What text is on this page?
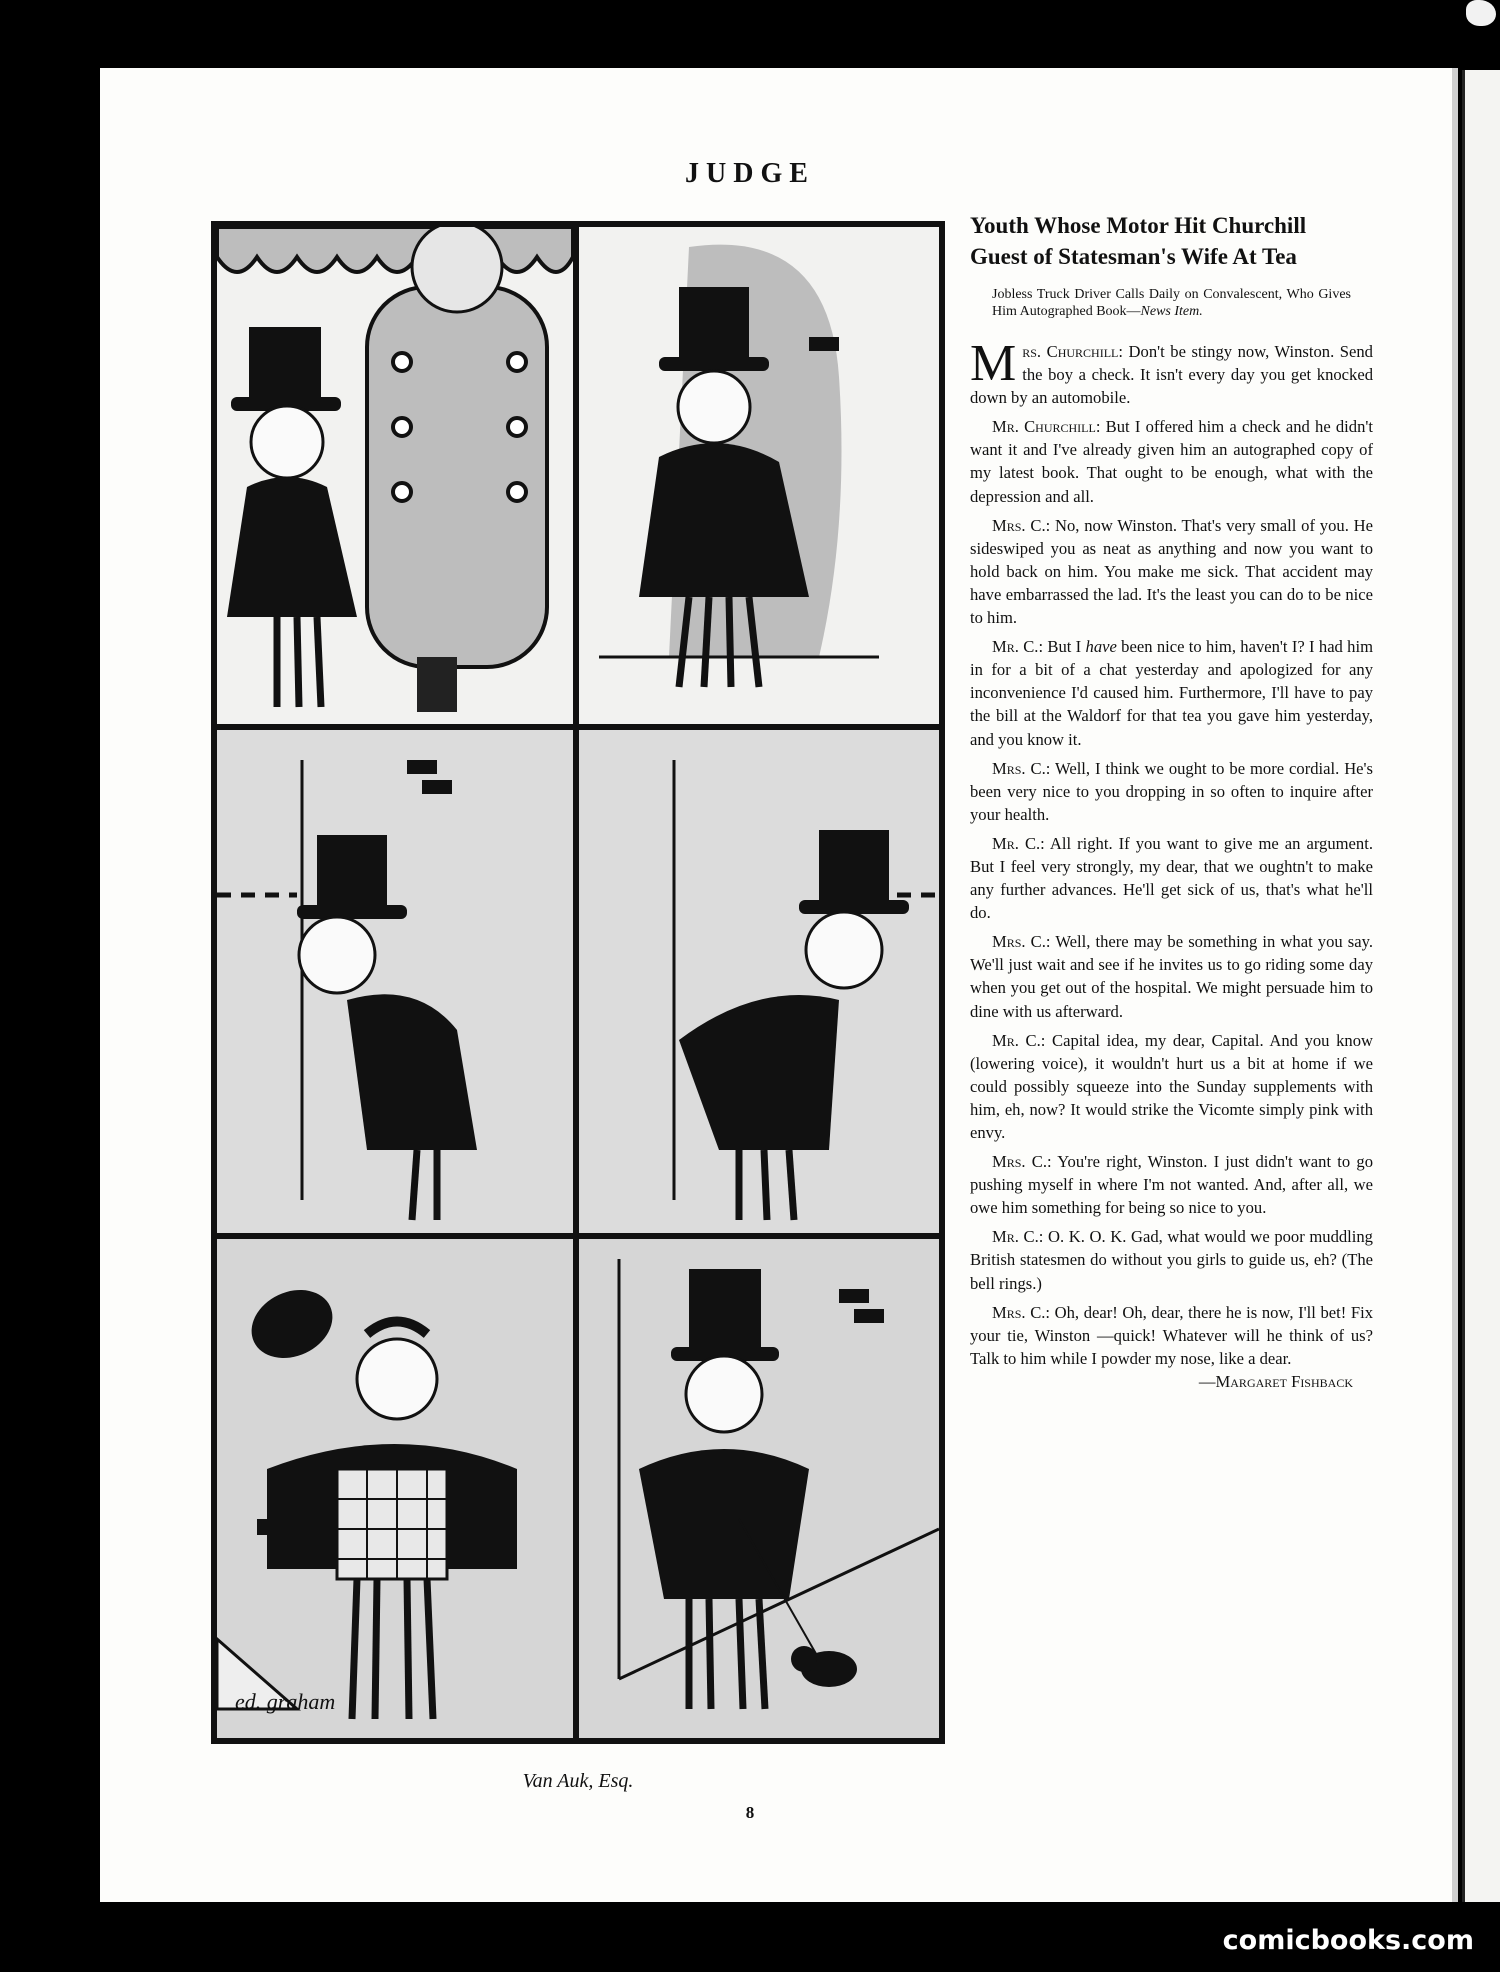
JUDGE
ed. graham
Van Auk, Esq.
8
Youth Whose Motor Hit Churchill
Guest of Statesman's Wife At Tea
Jobless Truck Driver Calls Daily on Convalescent, Who Gives Him Autographed Book—News Item.

Mrs. Churchill: Don't be stingy now, Winston. Send the boy a check. It isn't every day you get knocked down by an automobile.

Mr. Churchill: But I offered him a check and he didn't want it and I've already given him an autographed copy of my latest book. That ought to be enough, what with the depression and all.

Mrs. C.: No, now Winston. That's very small of you. He sideswiped you as neat as anything and now you want to hold back on him. You make me sick. That accident may have embarrassed the lad. It's the least you can do to be nice to him.

Mr. C.: But I have been nice to him, haven't I? I had him in for a bit of a chat yesterday and apologized for any inconvenience I'd caused him. Furthermore, I'll have to pay the bill at the Waldorf for that tea you gave him yesterday, and you know it.

Mrs. C.: Well, I think we ought to be more cordial. He's been very nice to you dropping in so often to inquire after your health.

Mr. C.: All right. If you want to give me an argument. But I feel very strongly, my dear, that we oughtn't to make any further advances. He'll get sick of us, that's what he'll do.

Mrs. C.: Well, there may be something in what you say. We'll just wait and see if he invites us to go riding some day when you get out of the hospital. We might persuade him to dine with us afterward.

Mr. C.: Capital idea, my dear, Capital. And you know (lowering voice), it wouldn't hurt us a bit at home if we could possibly squeeze into the Sunday supplements with him, eh, now? It would strike the Vicomte simply pink with envy.

Mrs. C.: You're right, Winston. I just didn't want to go pushing myself in where I'm not wanted. And, after all, we owe him something for being so nice to you.

Mr. C.: O. K. O. K. Gad, what would we poor muddling British statesmen do without you girls to guide us, eh? (The bell rings.)

Mrs. C.: Oh, dear! Oh, dear, there he is now, I'll bet! Fix your tie, Winston —quick! Whatever will he think of us? Talk to him while I powder my nose, like a dear.
—Margaret Fishback

comicbooks.com
